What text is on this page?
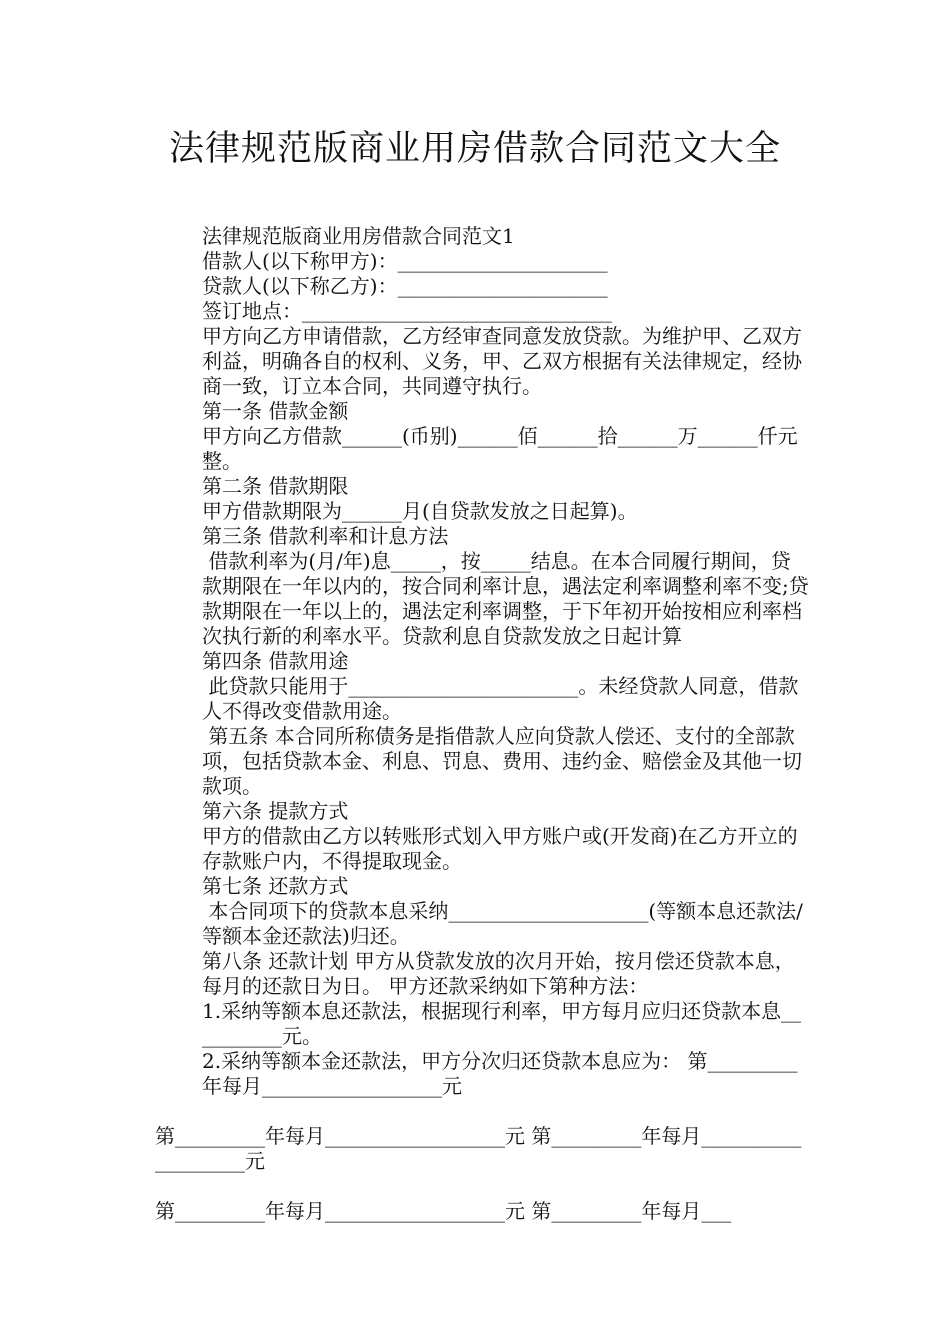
法律规范版商业用房借款合同范文大全

法律规范版商业用房借款合同范文1

借款人(以下称甲方)：_____________________

贷款人(以下称乙方)：_____________________

签订地点：_______________________________

甲方向乙方申请借款，乙方经审查同意发放贷款。为维护甲、乙双方利益，明确各自的权利、义务，甲、乙双方根据有关法律规定，经协商一致，订立本合同，共同遵守执行。

第一条 借款金额

甲方向乙方借款______(币别)______佰______拾______万______仟元整。

第二条 借款期限

甲方借款期限为______月(自贷款发放之日起算)。

第三条 借款利率和计息方法

借款利率为(月/年)息_____，按_____结息。在本合同履行期间，贷款期限在一年以内的，按合同利率计息，遇法定利率调整利率不变;贷款期限在一年以上的，遇法定利率调整，于下年初开始按相应利率档次执行新的利率水平。贷款利息自贷款发放之日起计算

第四条 借款用途

此贷款只能用于_______________________。未经贷款人同意，借款人不得改变借款用途。

第五条 本合同所称债务是指借款人应向贷款人偿还、支付的全部款项，包括贷款本金、利息、罚息、费用、违约金、赔偿金及其他一切款项。

第六条 提款方式

甲方的借款由乙方以转账形式划入甲方账户或(开发商)在乙方开立的存款账户内，不得提取现金。

第七条 还款方式

本合同项下的贷款本息采纳____________________(等额本息还款法/等额本金还款法)归还。

第八条 还款计划 甲方从贷款发放的次月开始，按月偿还贷款本息，每月的还款日为日。 甲方还款采纳如下第种方法：

1.采纳等额本息还款法，根据现行利率，甲方每月应归还贷款本息__________元。

2.采纳等额本金还款法，甲方分次归还贷款本息应为： 第_________年每月__________________元

第_________年每月__________________元 第_________年每月___________________元

第_________年每月__________________元 第_________年每月___
